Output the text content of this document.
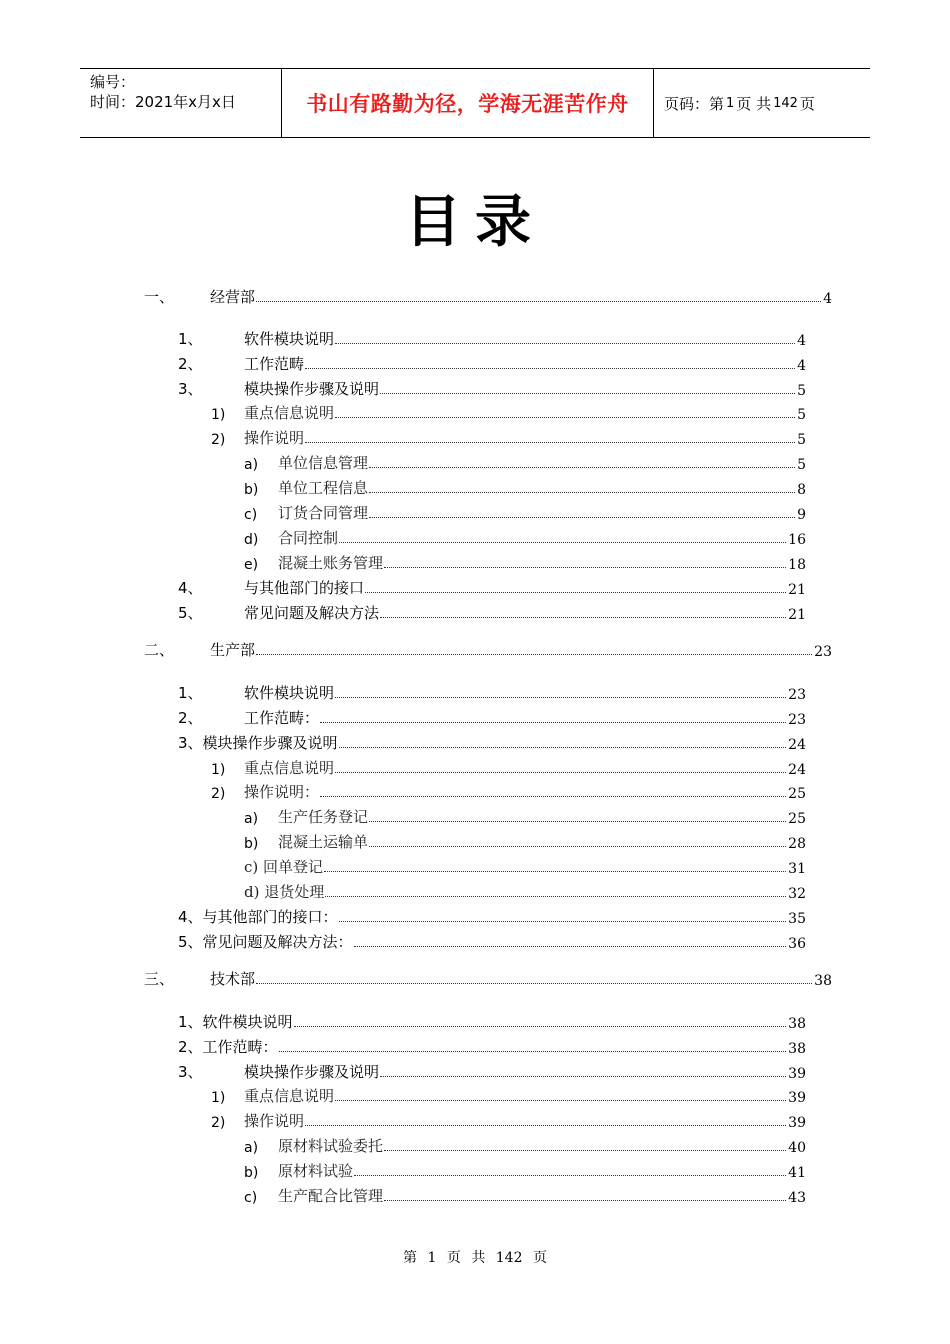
编号：
时间：2021年x月x日	书山有路勤为径，学海无涯苦作舟	页码：第 1 页 共 142 页
目录
一、	经营部	4
1、	软件模块说明	4
2、	工作范畴	4
3、	模块操作步骤及说明	5
1)	重点信息说明	5
2)	操作说明	5
a)	单位信息管理	5
b)	单位工程信息	8
c)	订货合同管理	9
d)	合同控制	16
e)	混凝土账务管理	18
4、	与其他部门的接口	21
5、	常见问题及解决方法	21
二、	生产部	23
1、	软件模块说明	23
2、	工作范畴：	23
3、模块操作步骤及说明	24
1)	重点信息说明	24
2)	操作说明：	25
a)	生产任务登记	25
b)	混凝土运输单	28
c) 回单登记	31
d) 退货处理	32
4、与其他部门的接口：	35
5、常见问题及解决方法：	36
三、	技术部	38
1、软件模块说明	38
2、工作范畴：	38
3、	模块操作步骤及说明	39
1)	重点信息说明	39
2)	操作说明	39
a)	原材料试验委托	40
b)	原材料试验	41
c)	生产配合比管理	43
第 1 页 共 142 页
